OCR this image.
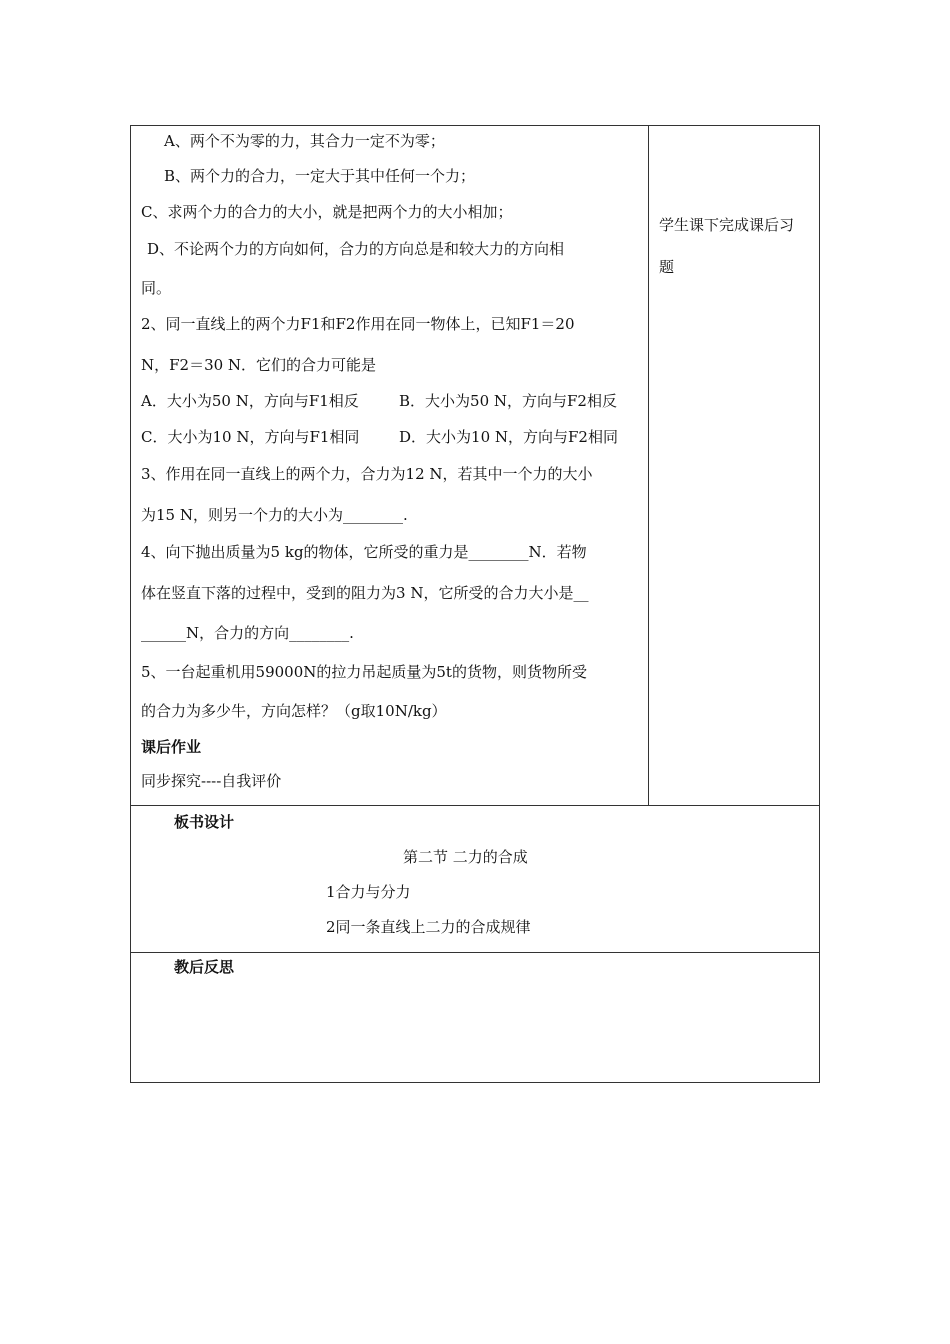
A、两个不为零的力，其合力一定不为零；
B、两个力的合力，一定大于其中任何一个力；
C、求两个力的合力的大小，就是把两个力的大小相加；
D、不论两个力的方向如何，合力的方向总是和较大力的方向相
同。
2、同一直线上的两个力F1和F2作用在同一物体上，已知F1＝20
N，F2＝30 N．它们的合力可能是
A．大小为50 N，方向与F1相反	B．大小为50 N，方向与F2相反
C．大小为10 N，方向与F1相同	D．大小为10 N，方向与F2相同
3、作用在同一直线上的两个力，合力为12 N，若其中一个力的大小
为15 N，则另一个力的大小为________.
4、向下抛出质量为5 kg的物体，它所受的重力是________N．若物
体在竖直下落的过程中，受到的阻力为3 N，它所受的合力大小是__
______N，合力的方向________.
5、一台起重机用59000N的拉力吊起质量为5t的货物，则货物所受
的合力为多少牛，方向怎样？（g取10N/kg）
课后作业
同步探究----自我评价
学生课下完成课后习
题
板书设计
第二节 二力的合成
1合力与分力
2同一条直线上二力的合成规律
教后反思
